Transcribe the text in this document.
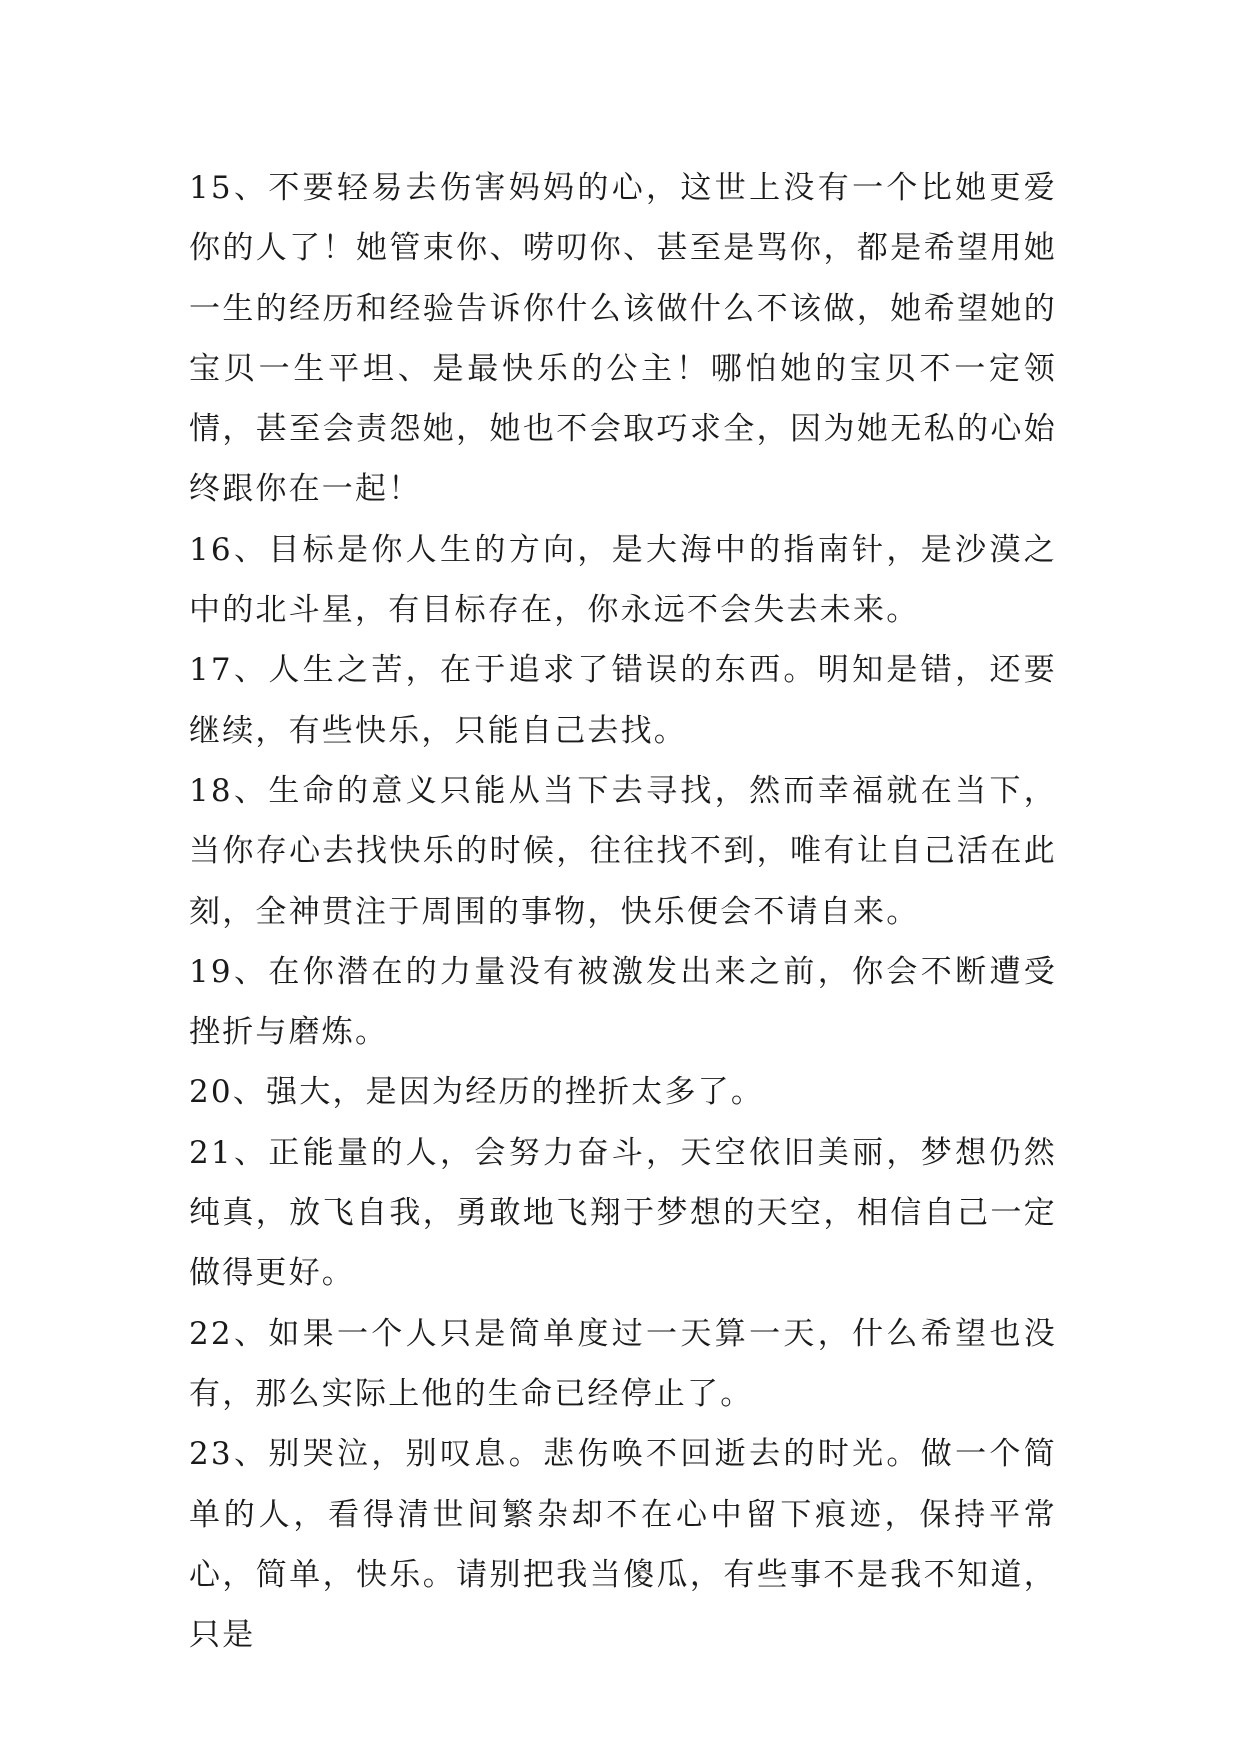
15、不要轻易去伤害妈妈的心，这世上没有一个比她更爱你的人了！她管束你、唠叨你、甚至是骂你，都是希望用她一生的经历和经验告诉你什么该做什么不该做，她希望她的宝贝一生平坦、是最快乐的公主！哪怕她的宝贝不一定领情，甚至会责怨她，她也不会取巧求全，因为她无私的心始终跟你在一起！

16、目标是你人生的方向，是大海中的指南针，是沙漠之中的北斗星，有目标存在，你永远不会失去未来。

17、人生之苦，在于追求了错误的东西。明知是错，还要继续，有些快乐，只能自己去找。

18、生命的意义只能从当下去寻找，然而幸福就在当下，当你存心去找快乐的时候，往往找不到，唯有让自己活在此刻，全神贯注于周围的事物，快乐便会不请自来。

19、在你潜在的力量没有被激发出来之前，你会不断遭受挫折与磨炼。

20、强大，是因为经历的挫折太多了。

21、正能量的人，会努力奋斗，天空依旧美丽，梦想仍然纯真，放飞自我，勇敢地飞翔于梦想的天空，相信自己一定做得更好。

22、如果一个人只是简单度过一天算一天，什么希望也没有，那么实际上他的生命已经停止了。

23、别哭泣，别叹息。悲伤唤不回逝去的时光。做一个简单的人，看得清世间繁杂却不在心中留下痕迹，保持平常心，简单，快乐。请别把我当傻瓜，有些事不是我不知道，只是
